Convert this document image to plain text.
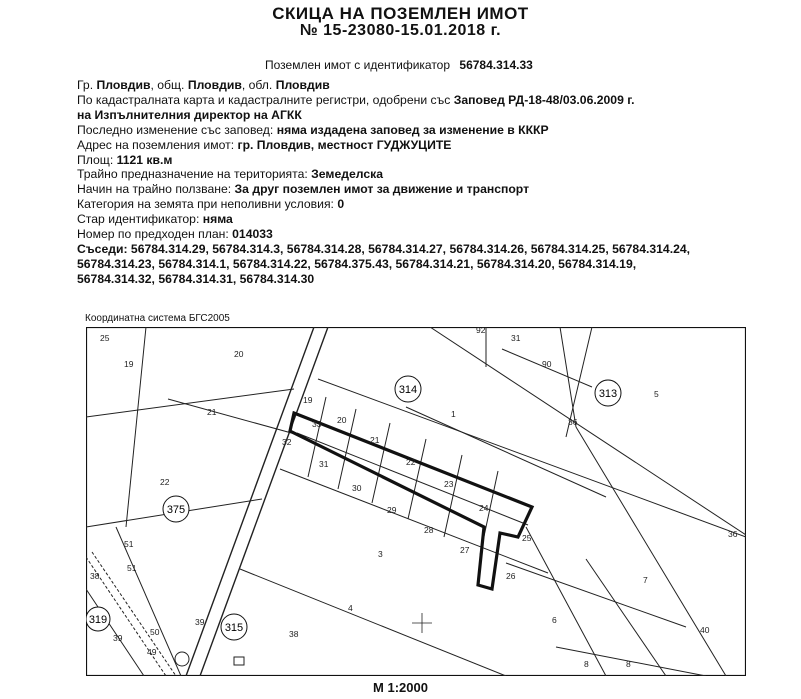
СКИЦА НА ПОЗЕМЛЕН ИМОТ
№ 15-23080-15.01.2018 г.
Поземлен имот с идентификатор 56784.314.33
Гр. Пловдив, общ. Пловдив, обл. Пловдив
По кадастралната карта и кадастралните регистри, одобрени със Заповед РД-18-48/03.06.2009 г.
на Изпълнителния директор на АГКК
Последно изменение със заповед: няма издадена заповед за изменение в КККР
Адрес на поземления имот: гр. Пловдив, местност ГУДЖУЦИТЕ
Площ: 1121 кв.м
Трайно предназначение на територията: Земеделска
Начин на трайно ползване: За друг поземлен имот за движение и транспорт
Категория на земята при неполивни условия: 0
Стар идентификатор: няма
Номер по предходен план: 014033
Съседи: 56784.314.29, 56784.314.3, 56784.314.28, 56784.314.27, 56784.314.26, 56784.314.25, 56784.314.24, 56784.314.23, 56784.314.1, 56784.314.22, 56784.375.43, 56784.314.21, 56784.314.20, 56784.314.19, 56784.314.32, 56784.314.31, 56784.314.30
Координатна система БГС2005
314	313
375
315
319
25
19
20
21
22
32
19
20
21
22
23
24
25
26
27
28
29
30
31
33
1
3
4
6
7
5
40
38
90
31
92
36
36
51
51
38
39
50
49
39
8	8
М 1:2000
